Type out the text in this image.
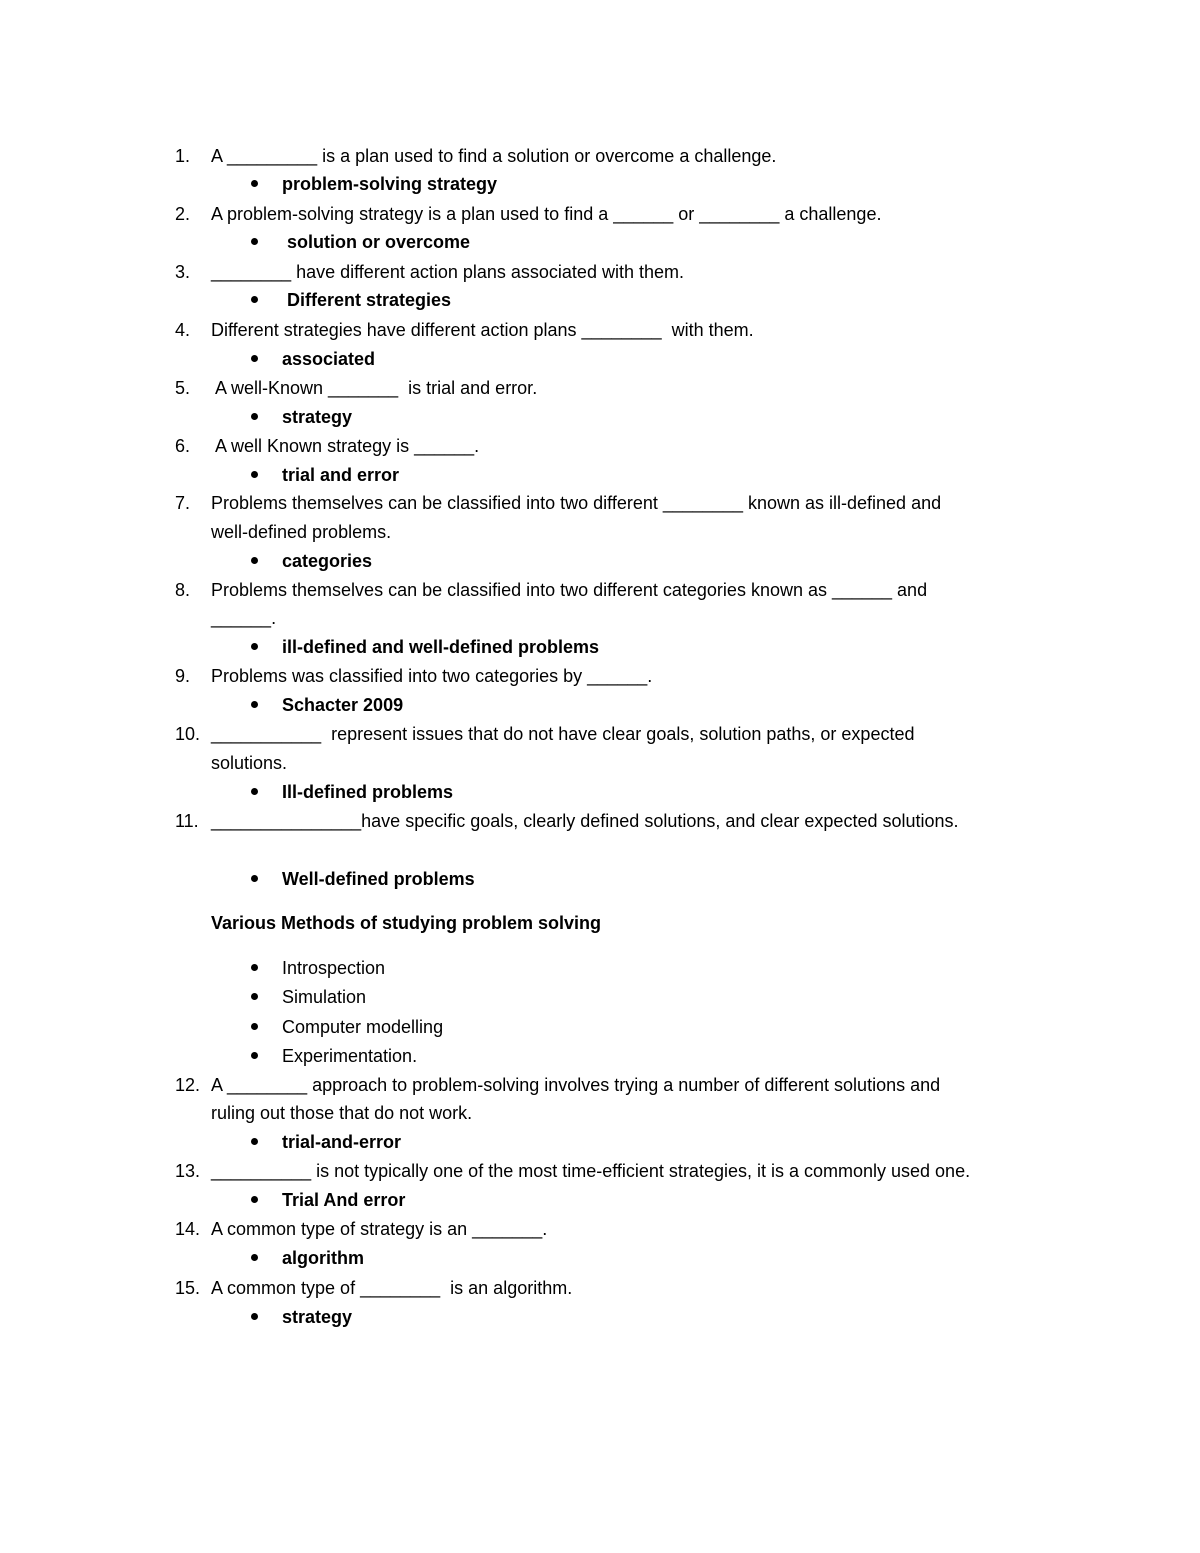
1. A _________ is a plan used to find a solution or overcome a challenge.
problem-solving strategy
2. A problem-solving strategy is a plan used to find a ______ or ________ a challenge.
solution or overcome
3. ________ have different action plans associated with them.
Different strategies
4. Different strategies have different action plans ________  with them.
associated
5. A well-Known _______  is trial and error.
strategy
6. A well Known strategy is ______.
trial and error
7. Problems themselves can be classified into two different ________ known as ill-defined and
well-defined problems.
categories
8. Problems themselves can be classified into two different categories known as ______ and
______.
ill-defined and well-defined problems
9. Problems was classified into two categories by ______.
Schacter 2009
10. ___________  represent issues that do not have clear goals, solution paths, or expected
solutions.
Ill-defined problems
11. _______________have specific goals, clearly defined solutions, and clear expected solutions.
Well-defined problems
Various Methods of studying problem solving
Introspection
Simulation
Computer modelling
Experimentation.
12. A ________ approach to problem-solving involves trying a number of different solutions and
ruling out those that do not work.
trial-and-error
13. __________ is not typically one of the most time-efficient strategies, it is a commonly used one.
Trial And error
14. A common type of strategy is an _______.
algorithm
15. A common type of ________  is an algorithm.
strategy
